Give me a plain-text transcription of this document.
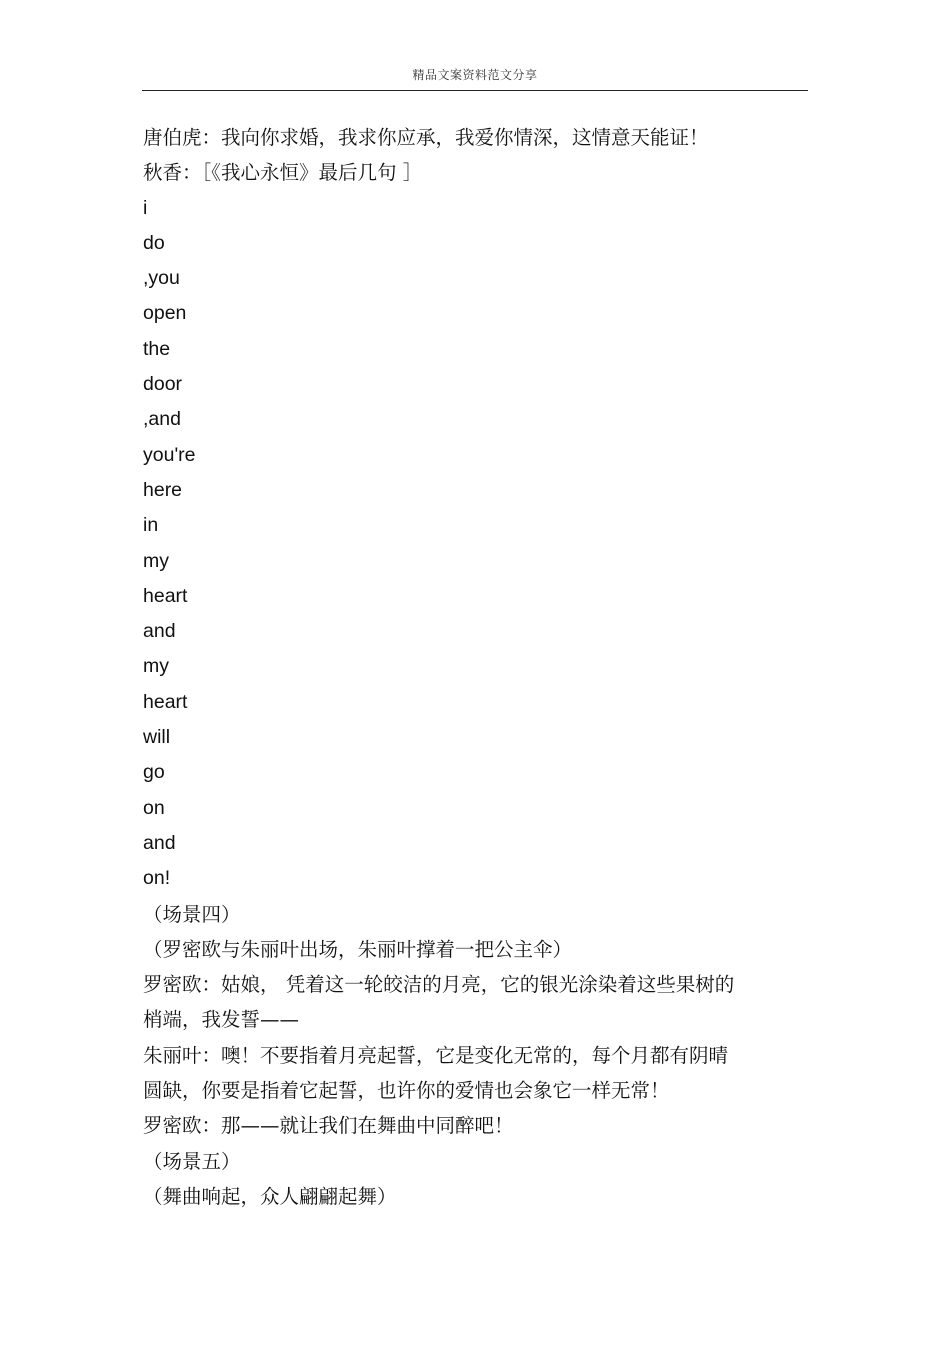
精品文案资料范文分享
唐伯虎：我向你求婚，我求你应承，我爱你情深，这情意天能证！
秋香：［《我心永恒》最后几句 ］
i
do
,you
open
the
door
,and
you're
here
in
my
heart
and
my
heart
will
go
on
and
on!
（场景四）
（罗密欧与朱丽叶出场，朱丽叶撑着一把公主伞）
罗密欧：姑娘， 凭着这一轮皎洁的月亮，它的银光涂染着这些果树的
梢端，我发誓——
朱丽叶：噢！不要指着月亮起誓，它是变化无常的，每个月都有阴晴
圆缺，你要是指着它起誓，也许你的爱情也会象它一样无常！
罗密欧：那——就让我们在舞曲中同醉吧！
（场景五）
（舞曲响起，众人翩翩起舞）
